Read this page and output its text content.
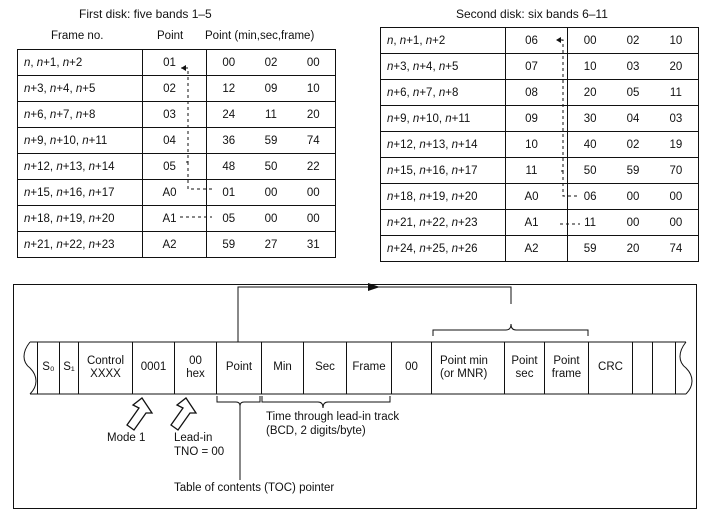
First disk: five bands 1–5	Second disk: six bands 6–11
Frame no.	Point Point (min,sec,frame)
n, n+1, n+2	01	00 02 00
n+3, n+4, n+5	02	12 09 10
n+6, n+7, n+8	03	24 11 20
n+9, n+10, n+11	04	36 59 74
n+12, n+13, n+14	05	48 50 22
n+15, n+16, n+17	A0	01 00 00
n+18, n+19, n+20	A1	05 00 00
n+21, n+22, n+23	A2	59 27 31
n, n+1, n+2	06	00 02 10
n+3, n+4, n+5	07	10 03 20
n+6, n+7, n+8	08	20 05 11
n+9, n+10, n+11	09	30 04 03
n+12, n+13, n+14	10	40 02 19
n+15, n+16, n+17	11	50 59 70
n+18, n+19, n+20	A0	06 00 00
n+21, n+22, n+23	A1	11 00 00
n+24, n+25, n+26	A2	59 20 74
S₀ S₁
Control XXXX
0001
00 hex
Point	Min	Sec	Frame	00
Point min (or MNR)
Point sec
Point frame
CRC
Mode 1 Lead-in TNO = 00
Time through lead-in track (BCD, 2 digits/byte)
Table of contents (TOC) pointer
